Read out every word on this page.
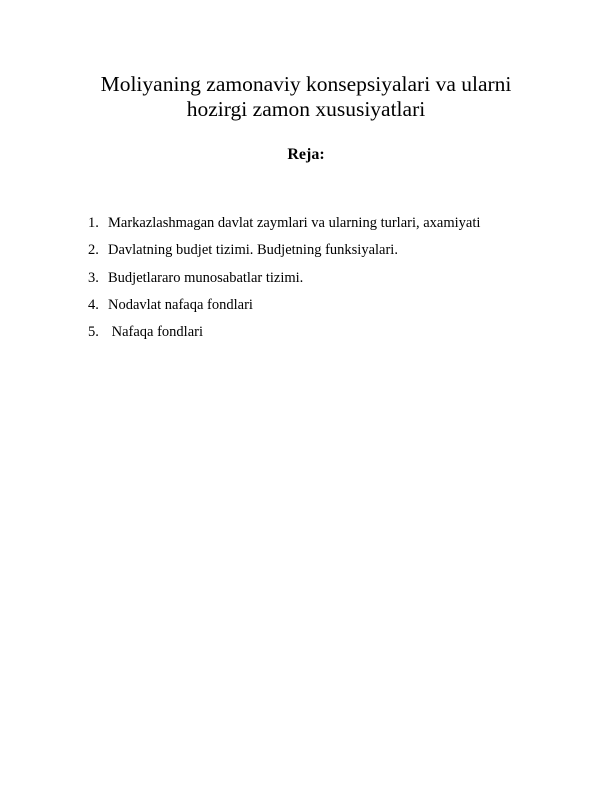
Moliyaning zamonaviy konsepsiyalari va ularni
hozirgi zamon xususiyatlari

Reja:

1. Markazlashmagan davlat zaymlari va ularning turlari, axamiyati
2. Davlatning budjet tizimi. Budjetning funksiyalari.
3. Budjetlararo munosabatlar tizimi.
4. Nodavlat nafaqa fondlari
5. Nafaqa fondlari
